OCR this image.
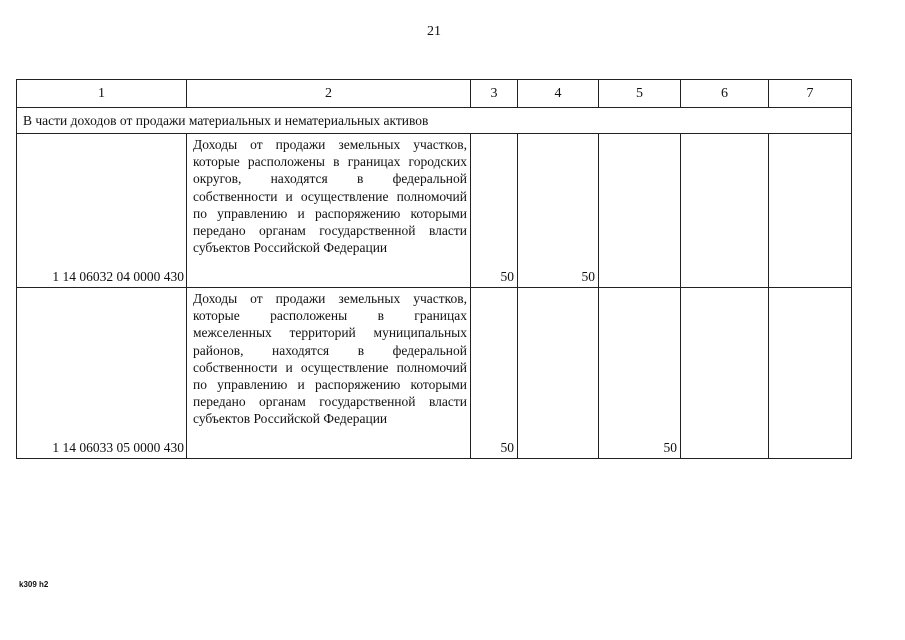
21
1	2	3	4	5	6	7
В части доходов от продажи материальных и нематериальных активов						
1 14 06032 04 0000 430	Доходы от продажи земельных участков, которые расположены в границах городских округов, находятся в федеральной собственности и осуществление полномочий по управлению и распоряжению которыми передано органам государственной власти субъектов Российской Федерации	50	50			
1 14 06033 05 0000 430	Доходы от продажи земельных участков, которые расположены в границах межселенных территорий муниципальных районов, находятся в федеральной собственности и осуществление полномочий по управлению и распоряжению которыми передано органам государственной власти субъектов Российской Федерации	50		50		
k309 h2
